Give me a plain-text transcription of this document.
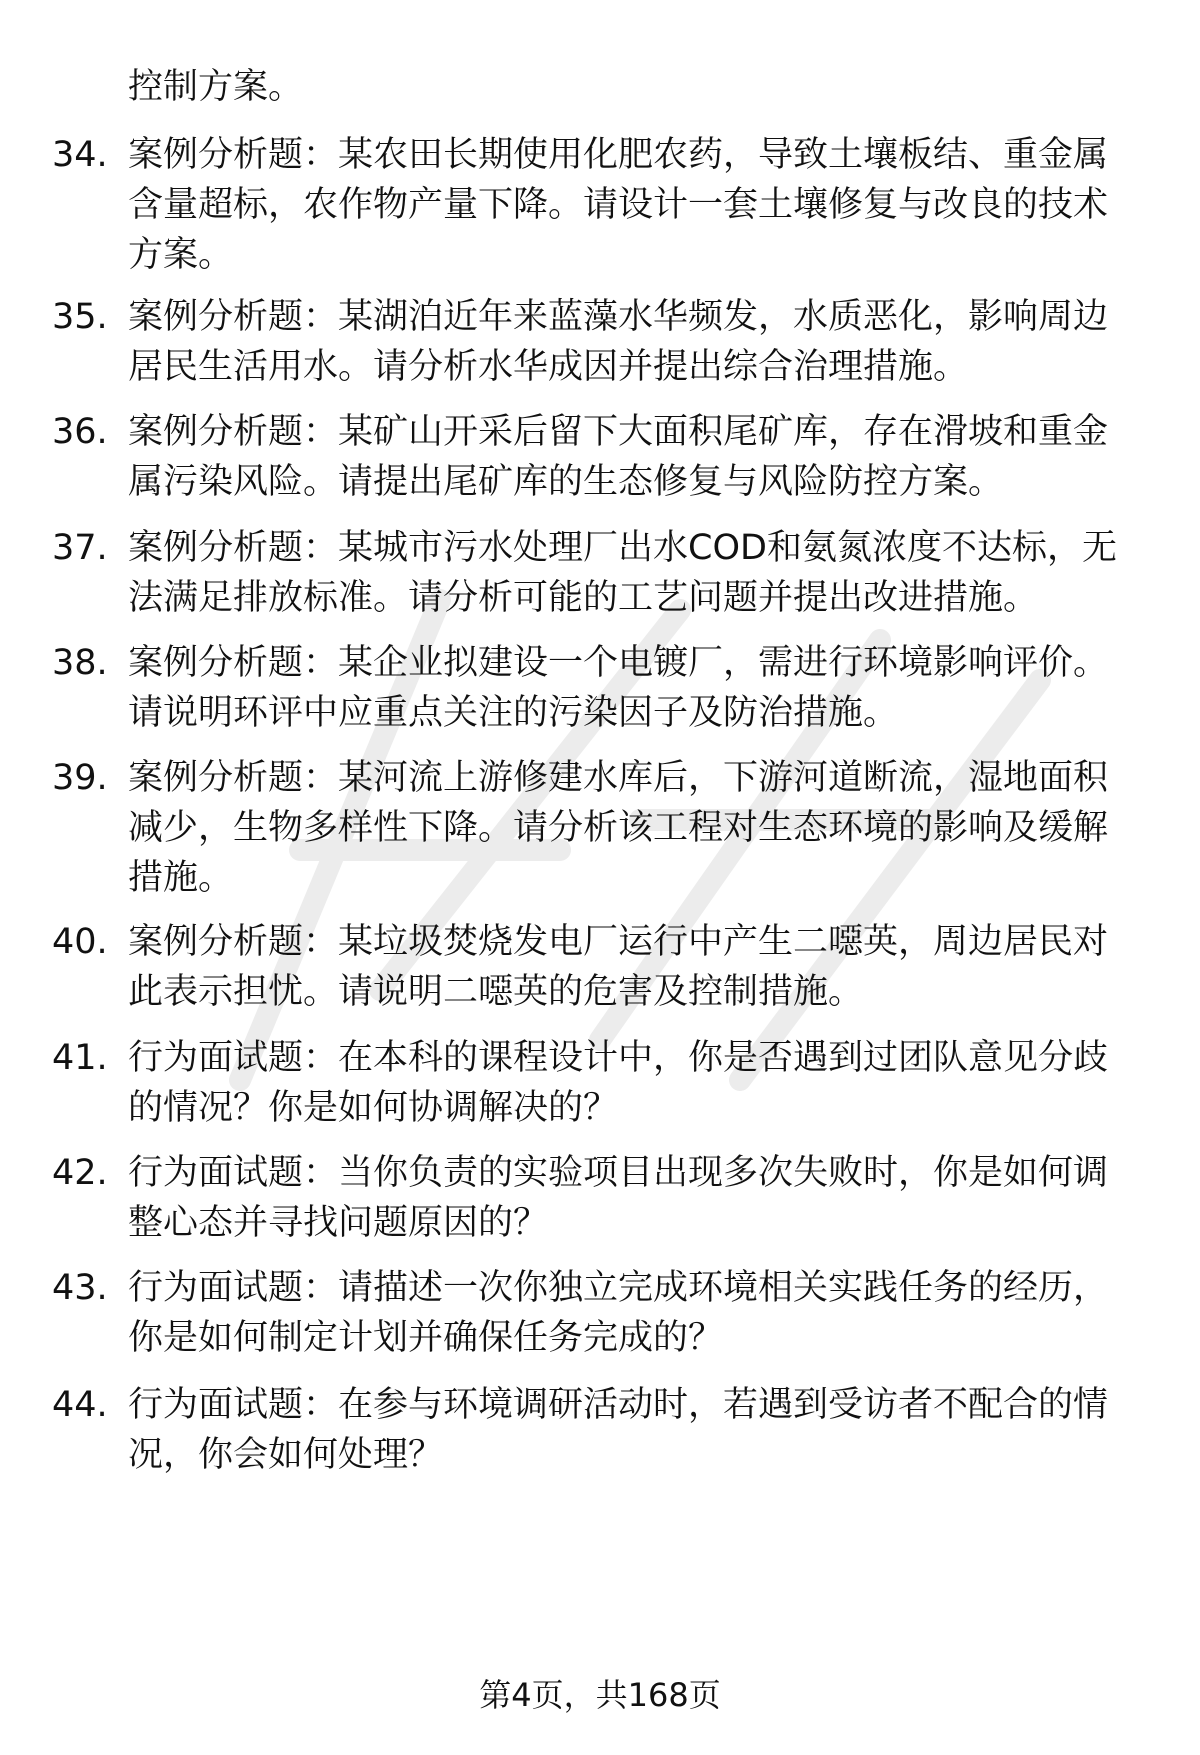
控制方案。
34. 案例分析题：某农田长期使用化肥农药，导致土壤板结、重金属
含量超标，农作物产量下降。请设计一套土壤修复与改良的技术
方案。
35. 案例分析题：某湖泊近年来蓝藻水华频发，水质恶化，影响周边
居民生活用水。请分析水华成因并提出综合治理措施。
36. 案例分析题：某矿山开采后留下大面积尾矿库，存在滑坡和重金
属污染风险。请提出尾矿库的生态修复与风险防控方案。
37. 案例分析题：某城市污水处理厂出水COD和氨氮浓度不达标，无
法满足排放标准。请分析可能的工艺问题并提出改进措施。
38. 案例分析题：某企业拟建设一个电镀厂，需进行环境影响评价。
请说明环评中应重点关注的污染因子及防治措施。
39. 案例分析题：某河流上游修建水库后，下游河道断流，湿地面积
减少，生物多样性下降。请分析该工程对生态环境的影响及缓解
措施。
40. 案例分析题：某垃圾焚烧发电厂运行中产生二噁英，周边居民对
此表示担忧。请说明二噁英的危害及控制措施。
41. 行为面试题：在本科的课程设计中，你是否遇到过团队意见分歧
的情况？你是如何协调解决的？
42. 行为面试题：当你负责的实验项目出现多次失败时，你是如何调
整心态并寻找问题原因的？
43. 行为面试题：请描述一次你独立完成环境相关实践任务的经历，
你是如何制定计划并确保任务完成的？
44. 行为面试题：在参与环境调研活动时，若遇到受访者不配合的情
况，你会如何处理？
第4页，共168页
